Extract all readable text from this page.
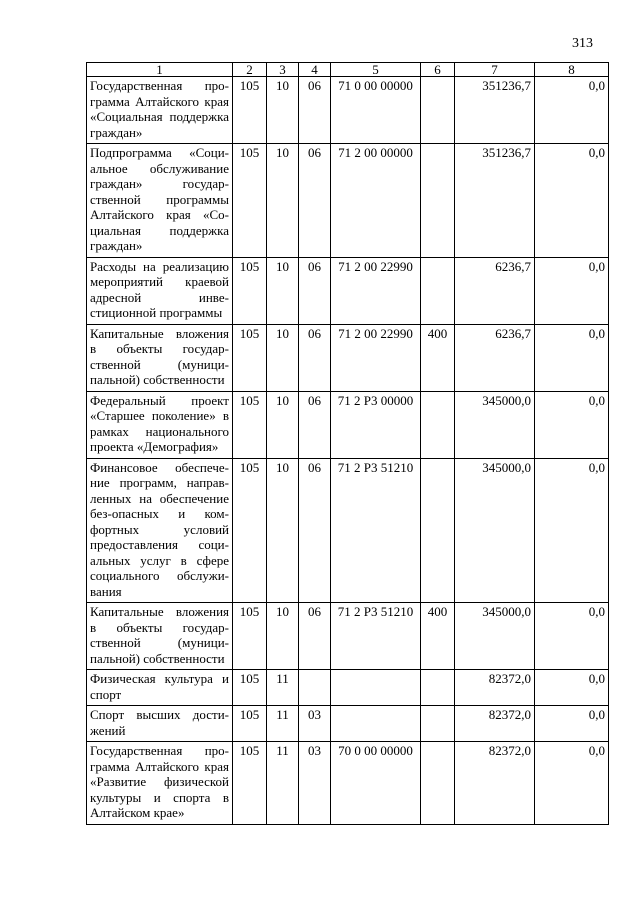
313
1	2	3	4	5	6	7	8
Государственная программа Алтайского края «Социальная поддержка граждан»	105	10	06	71 0 00 00000		351236,7	0,0
Подпрограмма «Социальное обслуживание граждан» государственной программы Алтайского края «Социальная поддержка граждан»	105	10	06	71 2 00 00000		351236,7	0,0
Расходы на реализацию мероприятий краевой адресной инвестиционной программы	105	10	06	71 2 00 22990		6236,7	0,0
Капитальные вложения в объекты государственной (муниципальной) собственности	105	10	06	71 2 00 22990	400	6236,7	0,0
Федеральный проект «Старшее поколение» в рамках национального проекта «Демография»	105	10	06	71 2 P3 00000		345000,0	0,0
Финансовое обеспечение программ, направленных на обеспечение без-опасных и комфортных условий предоставления социальных услуг в сфере социального обслуживания	105	10	06	71 2 P3 51210		345000,0	0,0
Капитальные вложения в объекты государственной (муниципальной) собственности	105	10	06	71 2 P3 51210	400	345000,0	0,0
Физическая культура и спорт	105	11				82372,0	0,0
Спорт высших достижений	105	11	03			82372,0	0,0
Государственная программа Алтайского края «Развитие физической культуры и спорта в Алтайском крае»	105	11	03	70 0 00 00000		82372,0	0,0
